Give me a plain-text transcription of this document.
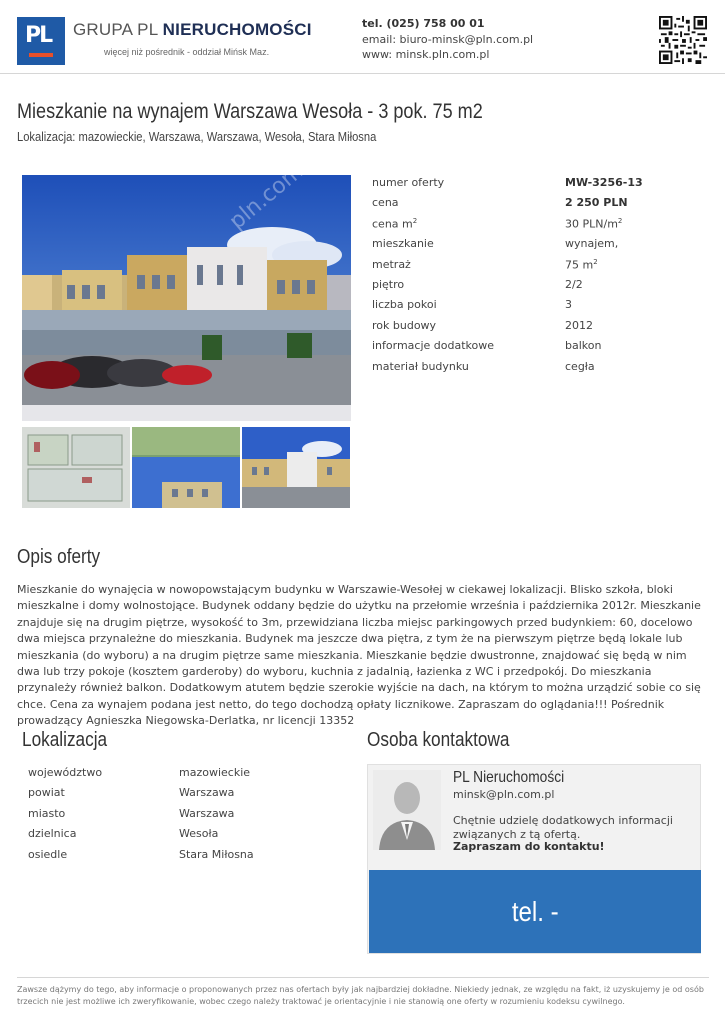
PL GRUPA PL NIERUCHOMOŚCI
więcej niż pośrednik - oddział Mińsk Maz.
tel. (025) 758 00 01
email: biuro-minsk@pln.com.pl
www: minsk.pln.com.pl
Mieszkanie na wynajem Warszawa Wesoła - 3 pok. 75 m2
Lokalizacja: mazowieckie, Warszawa, Warszawa, Wesoła, Stara Miłosna
numer oferty	MW-3256-13
cena	2 250 PLN
cena $m^2$	30 PLN/$m^2$
mieszkanie	wynajem,
metraż	75 $m^2$
piętro	2/2
liczba pokoi	3
rok budowy	2012
informacje dodatkowe	balkon
materiał budynku	cegła
Opis oferty
Mieszkanie do wynajęcia w nowopowstającym budynku w Warszawie-Wesołej w ciekawej lokalizacji. Blisko szkoła, bloki mieszkalne i domy wolnostojące. Budynek oddany będzie do użytku na przełomie września i października 2012r. Mieszkanie znajduje się na drugim piętrze, wysokość to 3m, przewidziana liczba miejsc parkingowych przed budynkiem: 60, docelowo dwa miejsca przynależne do mieszkania. Budynek ma jeszcze dwa piętra, z tym że na pierwszym piętrze będą lokale lub mieszkania (do wyboru) a na drugim piętrze same mieszkania. Mieszkanie będzie dwustronne, znajdować się będą w nim dwa lub trzy pokoje (kosztem garderoby) do wyboru, kuchnia z jadalnią, łazienka z WC i przedpokój. Do mieszkania przynależy również balkon. Dodatkowym atutem będzie szerokie wyjście na dach, na którym to można urządzić sobie co się chce. Cena za wynajem podana jest netto, do tego dochodzą opłaty licznikowe. Zapraszam do oglądania!!! Pośrednik prowadzący Agnieszka Niegowska-Derlatka, nr licencji 13352
Lokalizacja
województwo	mazowieckie
powiat	Warszawa
miasto	Warszawa
dzielnica	Wesoła
osiedle	Stara Miłosna
Osoba kontaktowa
PL Nieruchomości
minsk@pln.com.pl
Chętnie udzielę dodatkowych informacji związanych z tą ofertą.
Zapraszam do kontaktu!
tel. -
Zawsze dążymy do tego, aby informacje o proponowanych przez nas ofertach były jak najbardziej dokładne. Niekiedy jednak, ze względu na fakt, iż uzyskujemy je od osób trzecich nie jest możliwe ich zweryfikowanie, wobec czego należy traktować je orientacyjnie i nie stanowią one oferty w rozumieniu kodeksu cywilnego.
